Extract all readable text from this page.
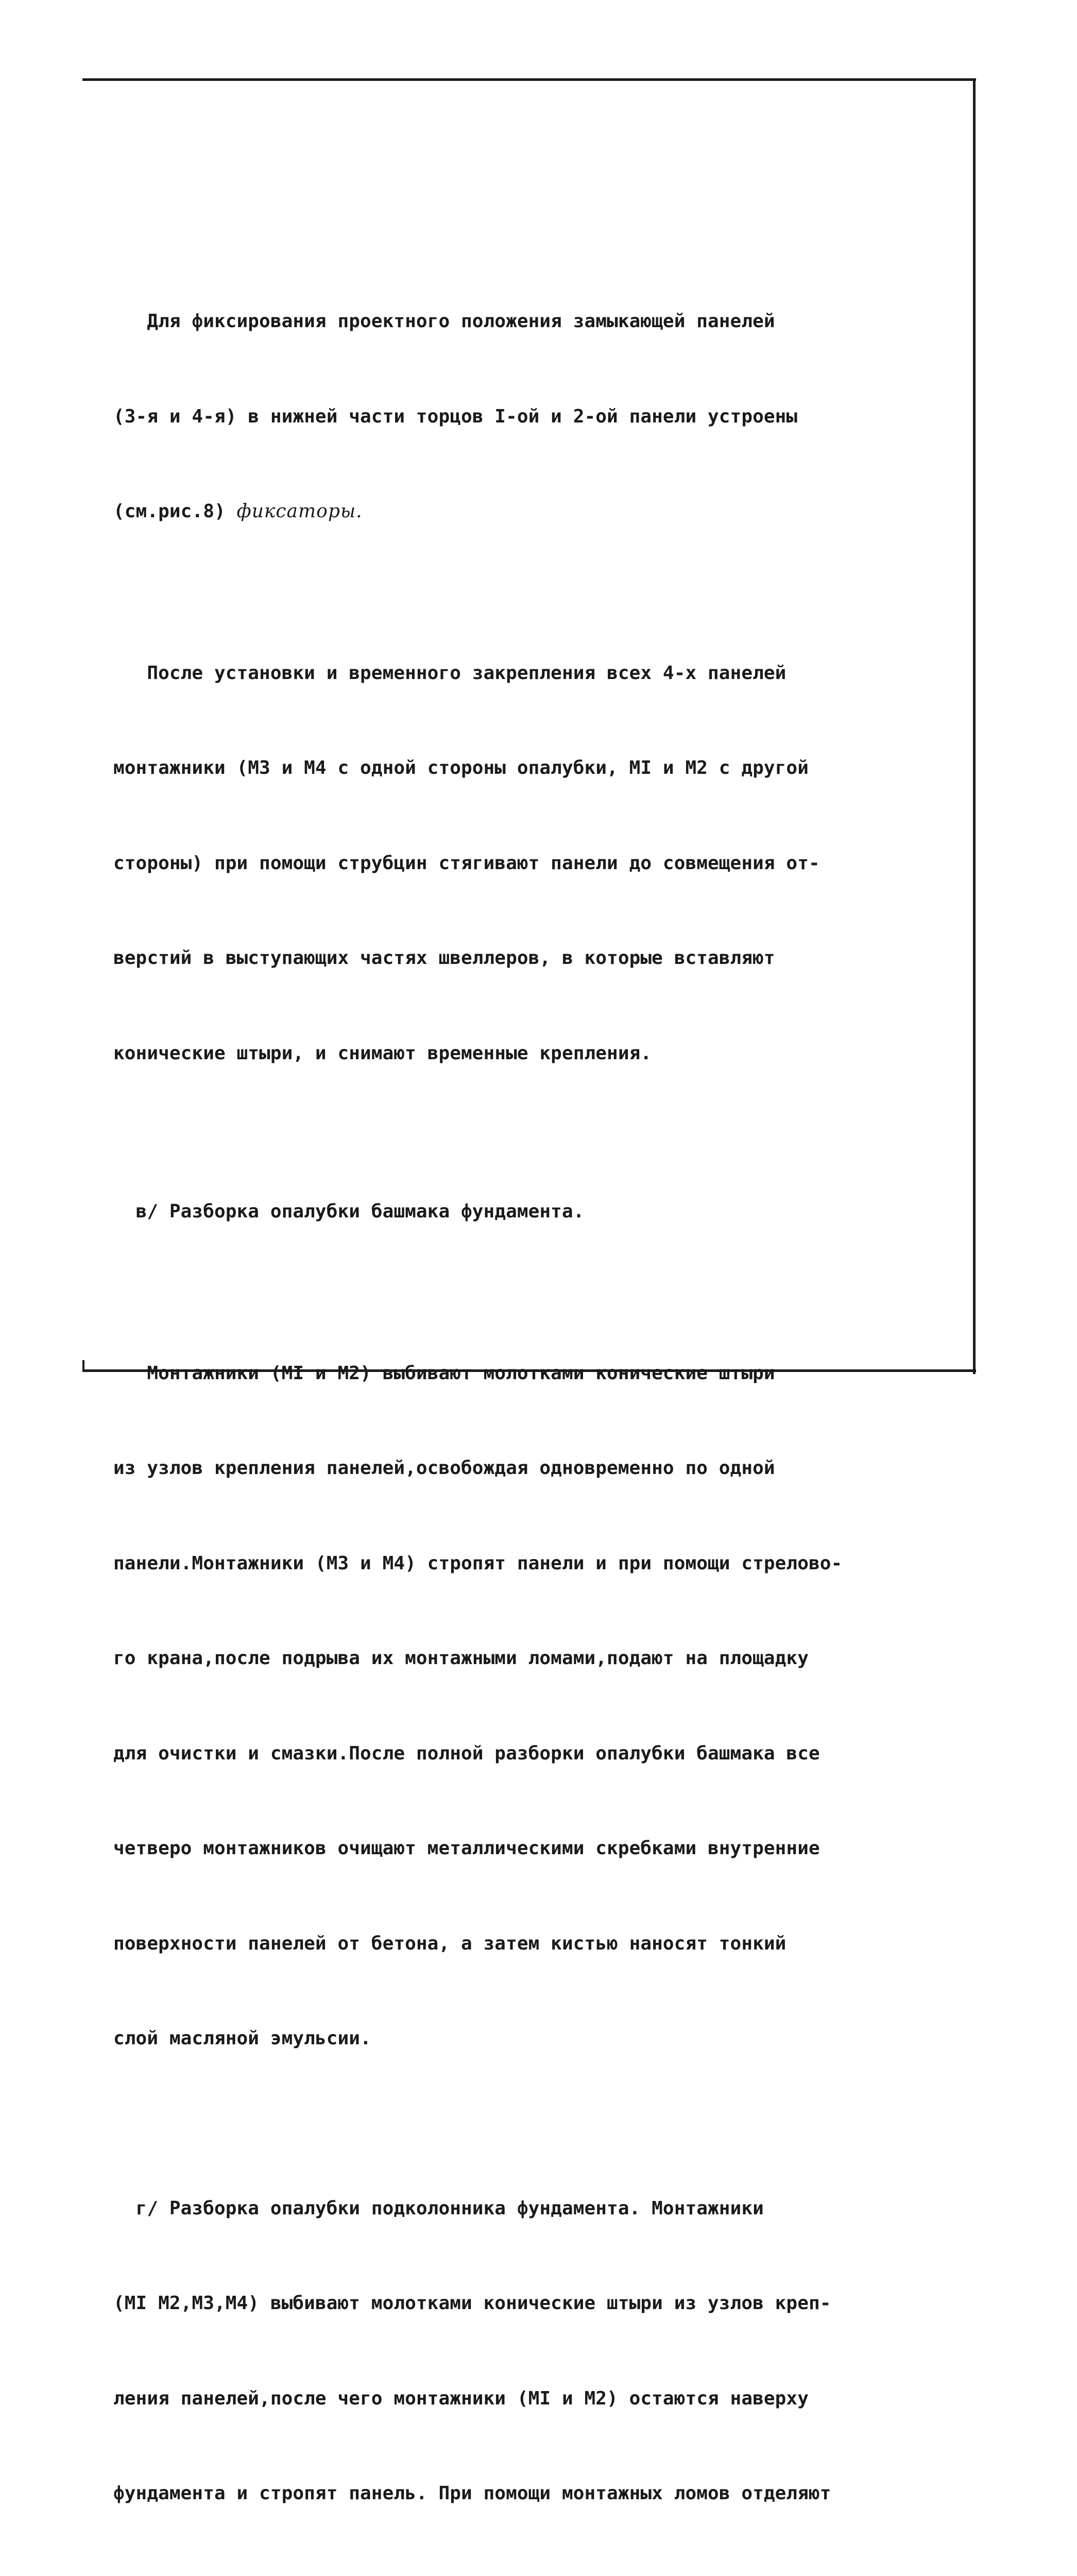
Для фиксирования проектного положения замыкающей панелей

(3-я и 4-я) в нижней части торцов I-ой и 2-ой панели устроены

(см.рис.8) фиксаторы.

После установки и временного закрепления всех 4-х панелей

монтажники (М3 и М4 с одной стороны опалубки, МI и М2 с другой

стороны) при помощи струбцин стягивают панели до совмещения от-

верстий в выступающих частях швеллеров, в которые вставляют

конические штыри, и снимают временные крепления.

в/ Разборка опалубки башмака фундамента.

Монтажники (МI и М2) выбивают молотками конические штыри

из узлов крепления панелей,освобождая одновременно по одной

панели.Монтажники (М3 и М4) стропят панели и при помощи стрелово-

го крана,после подрыва их монтажными ломами,подают на площадку

для очистки и смазки.После полной разборки опалубки башмака все

четверо монтажников очищают металлическими скребками внутренние

поверхности панелей от бетона, а затем кистью наносят тонкий

слой масляной эмульсии.

г/ Разборка опалубки подколонника фундамента. Монтажники

(МI М2,М3,М4) выбивают молотками конические штыри из узлов креп-

ления панелей,после чего монтажники (МI и М2) остаются наверху

фундамента и стропят панель. При помощи монтажных ломов отделяют
